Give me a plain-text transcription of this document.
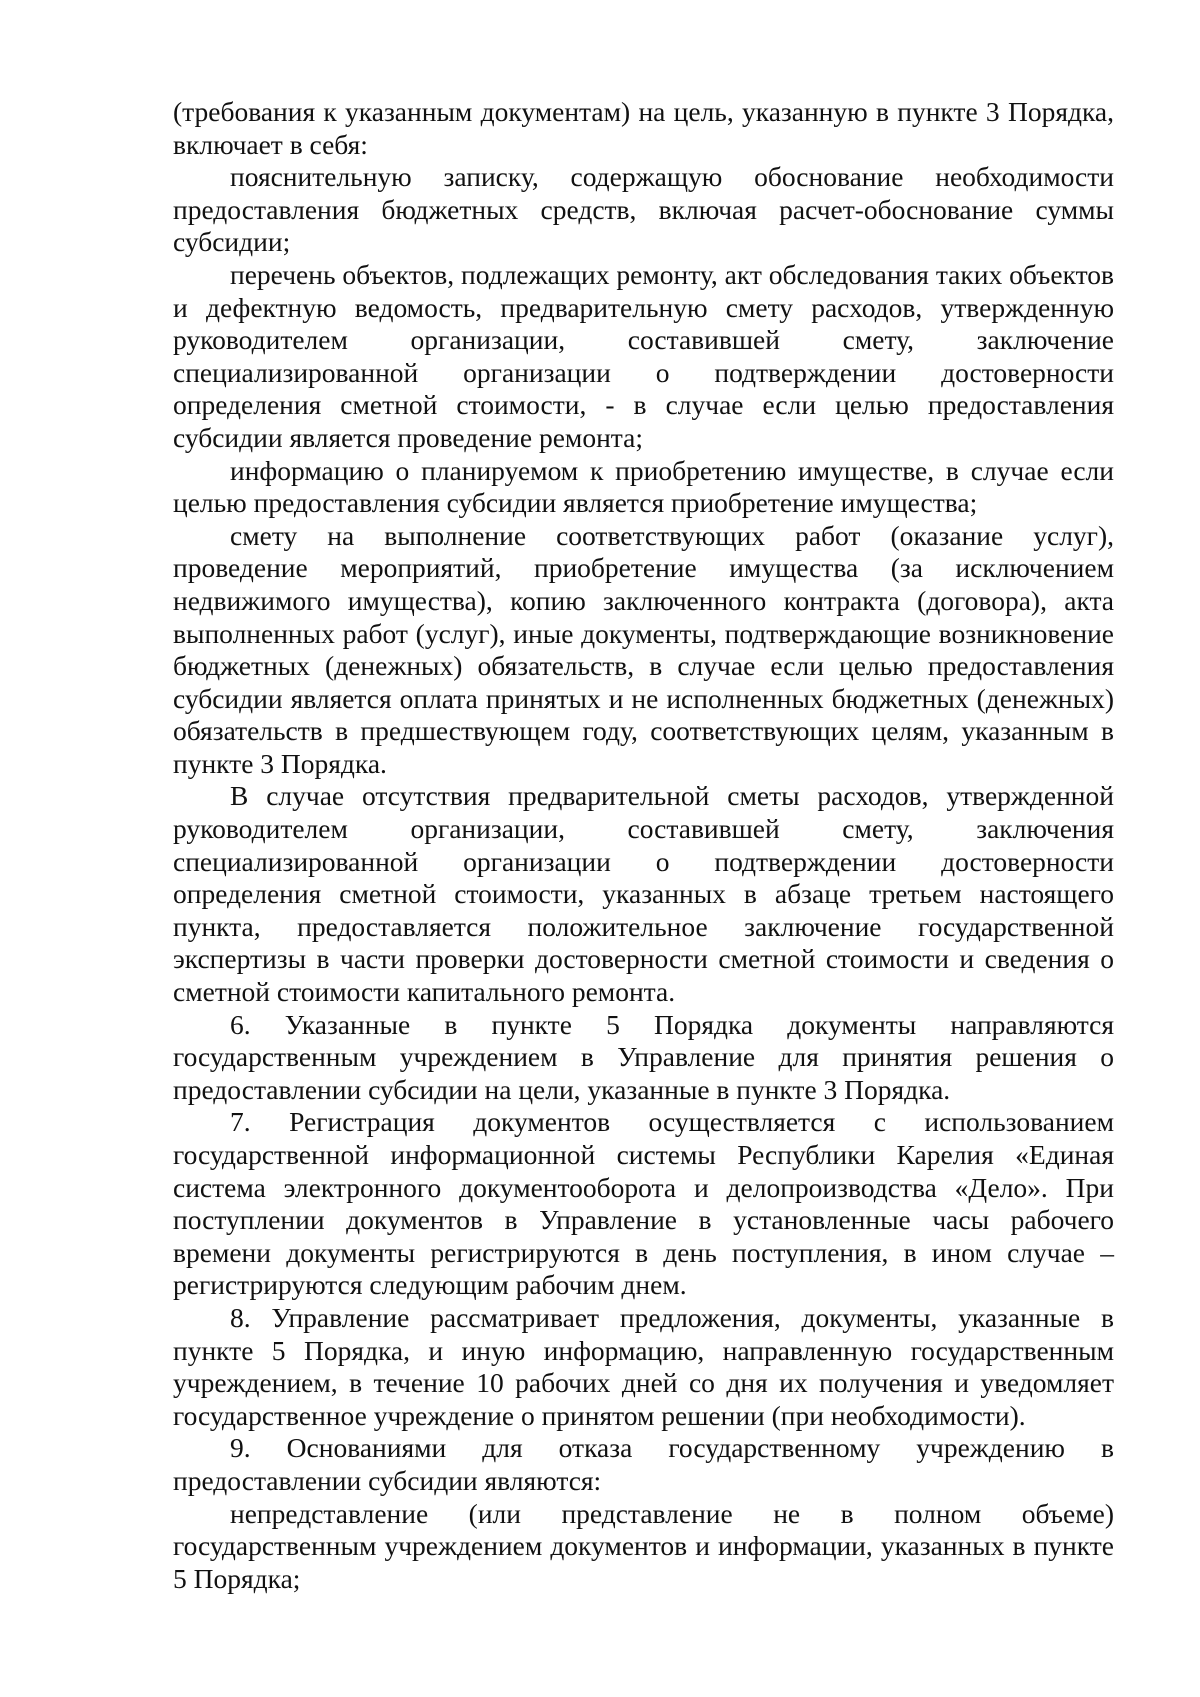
(требования к указанным документам) на цель, указанную в пункте 3 Порядка, включает в себя:

пояснительную записку, содержащую обоснование необходимости предоставления бюджетных средств, включая расчет-обоснование суммы субсидии;

перечень объектов, подлежащих ремонту, акт обследования таких объектов и дефектную ведомость, предварительную смету расходов, утвержденную руководителем организации, составившей смету, заключение специализированной организации о подтверждении достоверности определения сметной стоимости, - в случае если целью предоставления субсидии является проведение ремонта;

информацию о планируемом к приобретению имуществе, в случае если целью предоставления субсидии является приобретение имущества;

смету на выполнение соответствующих работ (оказание услуг), проведение мероприятий, приобретение имущества (за исключением недвижимого имущества), копию заключенного контракта (договора), акта выполненных работ (услуг), иные документы, подтверждающие возникновение бюджетных (денежных) обязательств, в случае если целью предоставления субсидии является оплата принятых и не исполненных бюджетных (денежных) обязательств в предшествующем году, соответствующих целям, указанным в пункте 3 Порядка.

В случае отсутствия предварительной сметы расходов, утвержденной руководителем организации, составившей смету, заключения специализированной организации о подтверждении достоверности определения сметной стоимости, указанных в абзаце третьем настоящего пункта, предоставляется положительное заключение государственной экспертизы в части проверки достоверности сметной стоимости и сведения о сметной стоимости капитального ремонта.

6. Указанные в пункте 5 Порядка документы направляются государственным учреждением в Управление для принятия решения о предоставлении субсидии на цели, указанные в пункте 3 Порядка.

7. Регистрация документов осуществляется с использованием государственной информационной системы Республики Карелия «Единая система электронного документооборота и делопроизводства «Дело». При поступлении документов в Управление в установленные часы рабочего времени документы регистрируются в день поступления, в ином случае – регистрируются следующим рабочим днем.

8. Управление рассматривает предложения, документы, указанные в пункте 5 Порядка, и иную информацию, направленную государственным учреждением, в течение 10 рабочих дней со дня их получения и уведомляет государственное учреждение о принятом решении (при необходимости).

9. Основаниями для отказа государственному учреждению в предоставлении субсидии являются:

непредставление (или представление не в полном объеме) государственным учреждением документов и информации, указанных в пункте 5 Порядка;
